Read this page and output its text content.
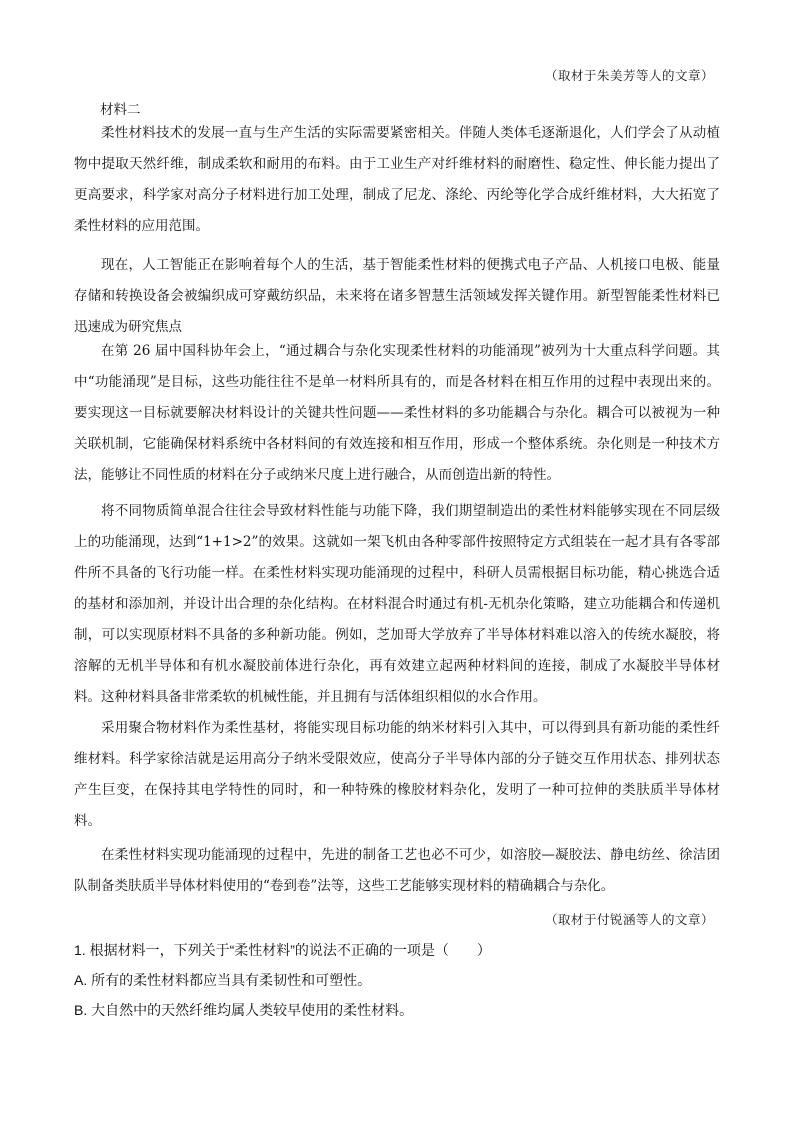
（取材于朱美芳等人的文章）
材料二

柔性材料技术的发展一直与生产生活的实际需要紧密相关。伴随人类体毛逐渐退化，人们学会了从动植物中提取天然纤维，制成柔软和耐用的布料。由于工业生产对纤维材料的耐磨性、稳定性、伸长能力提出了更高要求，科学家对高分子材料进行加工处理，制成了尼龙、涤纶、丙纶等化学合成纤维材料，大大拓宽了柔性材料的应用范围。

现在，人工智能正在影响着每个人的生活，基于智能柔性材料的便携式电子产品、人机接口电极、能量存储和转换设备会被编织成可穿戴纺织品，未来将在诸多智慧生活领域发挥关键作用。新型智能柔性材料已迅速成为研究焦点

在第 26 届中国科协年会上，“通过耦合与杂化实现柔性材料的功能涌现”被列为十大重点科学问题。其中“功能涌现”是目标，这些功能往往不是单一材料所具有的，而是各材料在相互作用的过程中表现出来的。要实现这一目标就要解决材料设计的关键共性问题——柔性材料的多功能耦合与杂化。耦合可以被视为一种关联机制，它能确保材料系统中各材料间的有效连接和相互作用，形成一个整体系统。杂化则是一种技术方法，能够让不同性质的材料在分子或纳米尺度上进行融合，从而创造出新的特性。

将不同物质简单混合往往会导致材料性能与功能下降，我们期望制造出的柔性材料能够实现在不同层级上的功能涌现，达到“1+1>2”的效果。这就如一架飞机由各种零部件按照特定方式组装在一起才具有各零部件所不具备的飞行功能一样。在柔性材料实现功能涌现的过程中，科研人员需根据目标功能，精心挑选合适的基材和添加剂，并设计出合理的杂化结构。在材料混合时通过有机-无机杂化策略，建立功能耦合和传递机制，可以实现原材料不具备的多种新功能。例如，芝加哥大学放弃了半导体材料难以溶入的传统水凝胶，将溶解的无机半导体和有机水凝胶前体进行杂化，再有效建立起两种材料间的连接，制成了水凝胶半导体材料。这种材料具备非常柔软的机械性能，并且拥有与活体组织相似的水合作用。

采用聚合物材料作为柔性基材，将能实现目标功能的纳米材料引入其中，可以得到具有新功能的柔性纤维材料。科学家徐洁就是运用高分子纳米受限效应，使高分子半导体内部的分子链交互作用状态、排列状态产生巨变，在保持其电学特性的同时，和一种特殊的橡胶材料杂化，发明了一种可拉伸的类肤质半导体材料。

在柔性材料实现功能涌现的过程中，先进的制备工艺也必不可少，如溶胶—凝胶法、静电纺丝、徐洁团队制备类肤质半导体材料使用的“卷到卷”法等，这些工艺能够实现材料的精确耦合与杂化。

（取材于付锐涵等人的文章）
1. 根据材料一，下列关于“柔性材料”的说法不正确的一项是（　　）
A. 所有的柔性材料都应当具有柔韧性和可塑性。
B. 大自然中的天然纤维均属人类较早使用的柔性材料。
